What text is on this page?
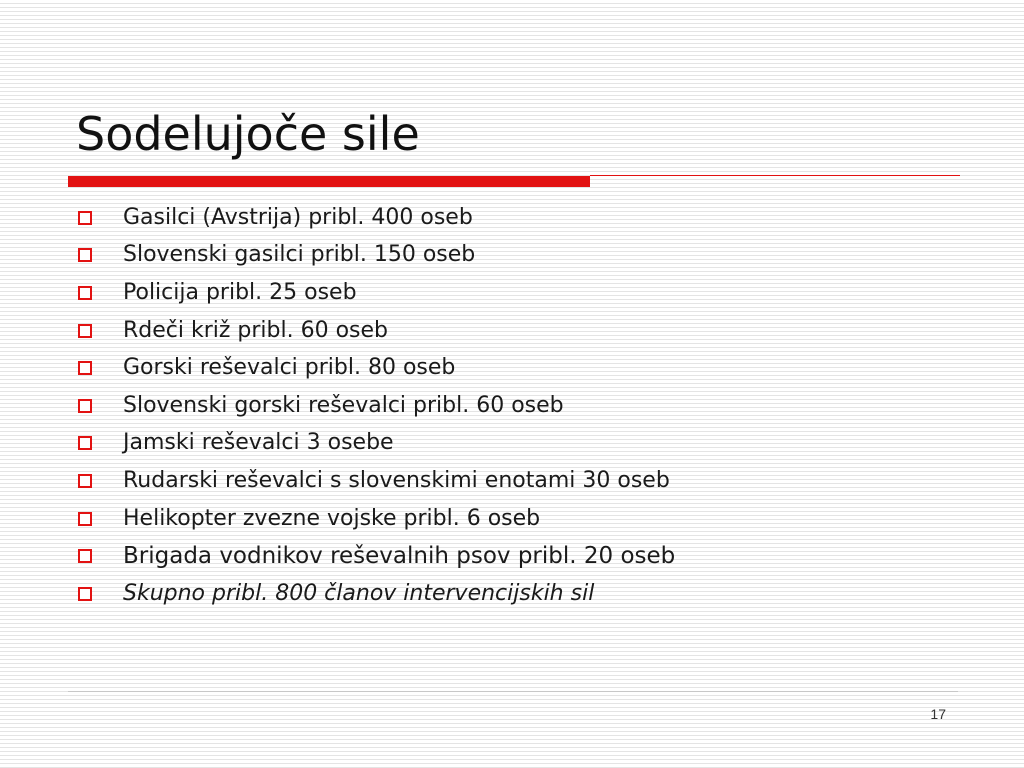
Sodelujoče sile
Gasilci (Avstrija) pribl. 400 oseb
Slovenski gasilci pribl. 150 oseb
Policija pribl. 25 oseb
Rdeči križ pribl. 60 oseb
Gorski reševalci pribl. 80 oseb
Slovenski gorski reševalci pribl. 60 oseb
Jamski reševalci 3 osebe
Rudarski reševalci s slovenskimi enotami 30 oseb
Helikopter zvezne vojske pribl. 6 oseb
Brigada vodnikov reševalnih psov pribl. 20 oseb
Skupno pribl. 800 članov intervencijskih sil
17
